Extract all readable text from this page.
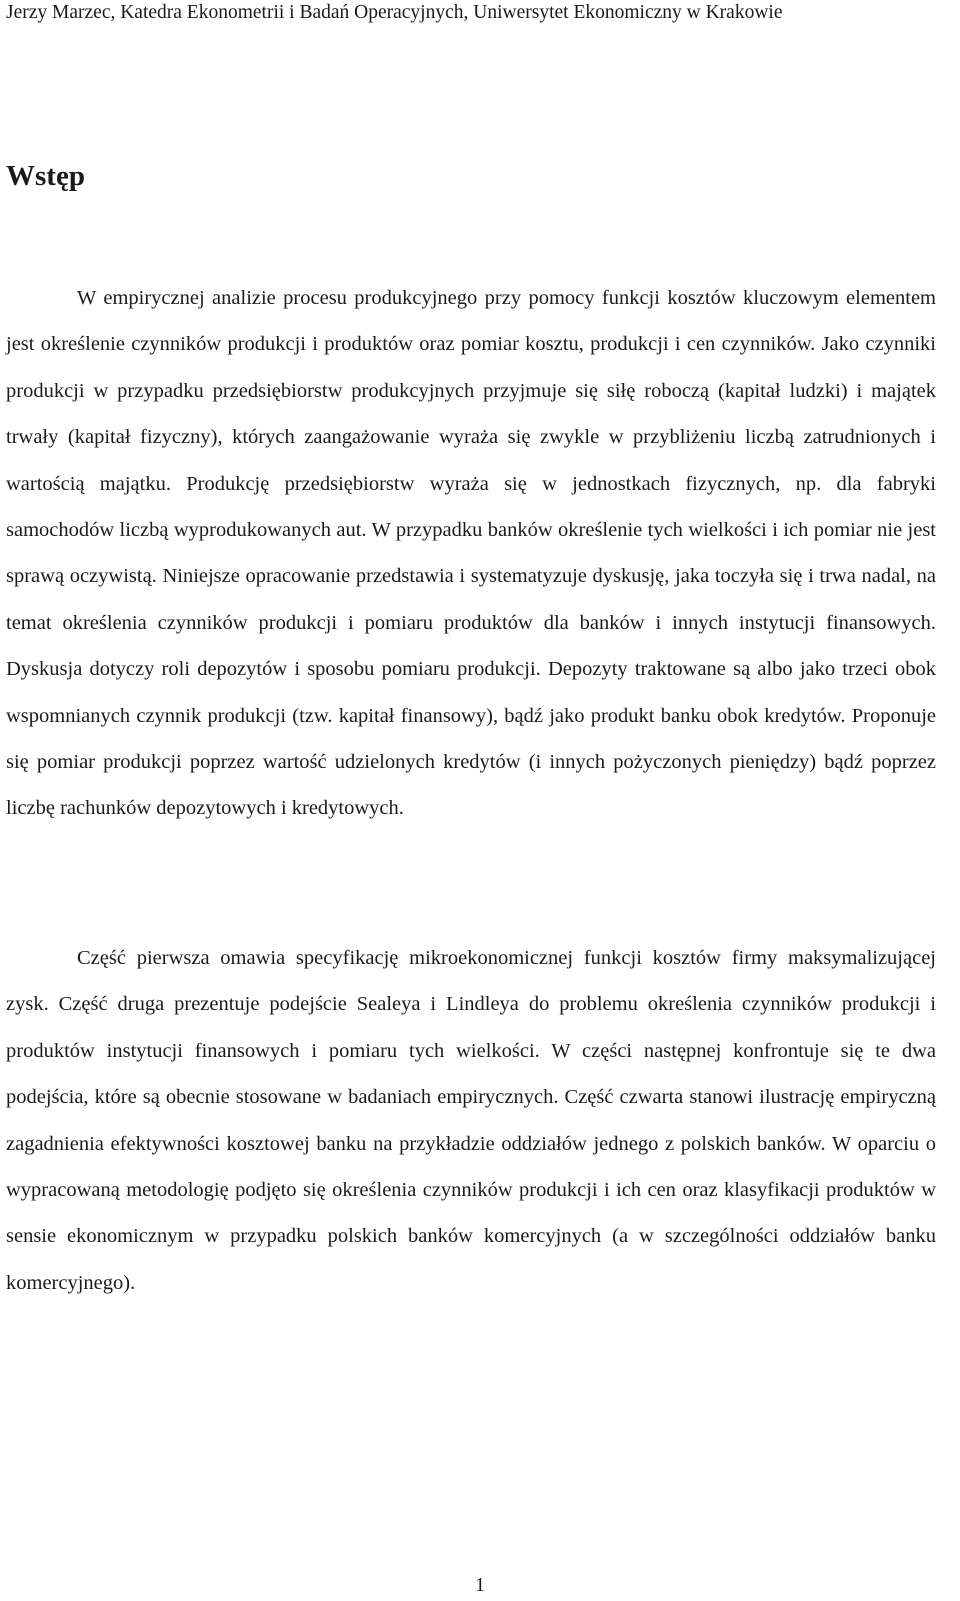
Jerzy Marzec, Katedra Ekonometrii i Badań Operacyjnych, Uniwersytet Ekonomiczny w Krakowie
Wstęp

W empirycznej analizie procesu produkcyjnego przy pomocy funkcji kosztów kluczowym elementem jest określenie czynników produkcji i produktów oraz pomiar kosztu, produkcji i cen czynników. Jako czynniki produkcji w przypadku przedsiębiorstw produkcyjnych przyjmuje się siłę roboczą (kapitał ludzki) i majątek trwały (kapitał fizyczny), których zaangażowanie wyraża się zwykle w przybliżeniu liczbą zatrudnionych i wartością majątku. Produkcję przedsiębiorstw wyraża się w jednostkach fizycznych, np. dla fabryki samochodów liczbą wyprodukowanych aut. W przypadku banków określenie tych wielkości i ich pomiar nie jest sprawą oczywistą. Niniejsze opracowanie przedstawia i systematyzuje dyskusję, jaka toczyła się i trwa nadal, na temat określenia czynników produkcji i pomiaru produktów dla banków i innych instytucji finansowych. Dyskusja dotyczy roli depozytów i sposobu pomiaru produkcji. Depozyty traktowane są albo jako trzeci obok wspomnianych czynnik produkcji (tzw. kapitał finansowy), bądź jako produkt banku obok kredytów. Proponuje się pomiar produkcji poprzez wartość udzielonych kredytów (i innych pożyczonych pieniędzy) bądź poprzez liczbę rachunków depozytowych i kredytowych.

Część pierwsza omawia specyfikację mikroekonomicznej funkcji kosztów firmy maksymalizującej zysk. Część druga prezentuje podejście Sealeya i Lindleya do problemu określenia czynników produkcji i produktów instytucji finansowych i pomiaru tych wielkości. W części następnej konfrontuje się te dwa podejścia, które są obecnie stosowane w badaniach empirycznych. Część czwarta stanowi ilustrację empiryczną zagadnienia efektywności kosztowej banku na przykładzie oddziałów jednego z polskich banków. W oparciu o wypracowaną metodologię podjęto się określenia czynników produkcji i ich cen oraz klasyfikacji produktów w sensie ekonomicznym w przypadku polskich banków komercyjnych (a w szczególności oddziałów banku komercyjnego).

1
